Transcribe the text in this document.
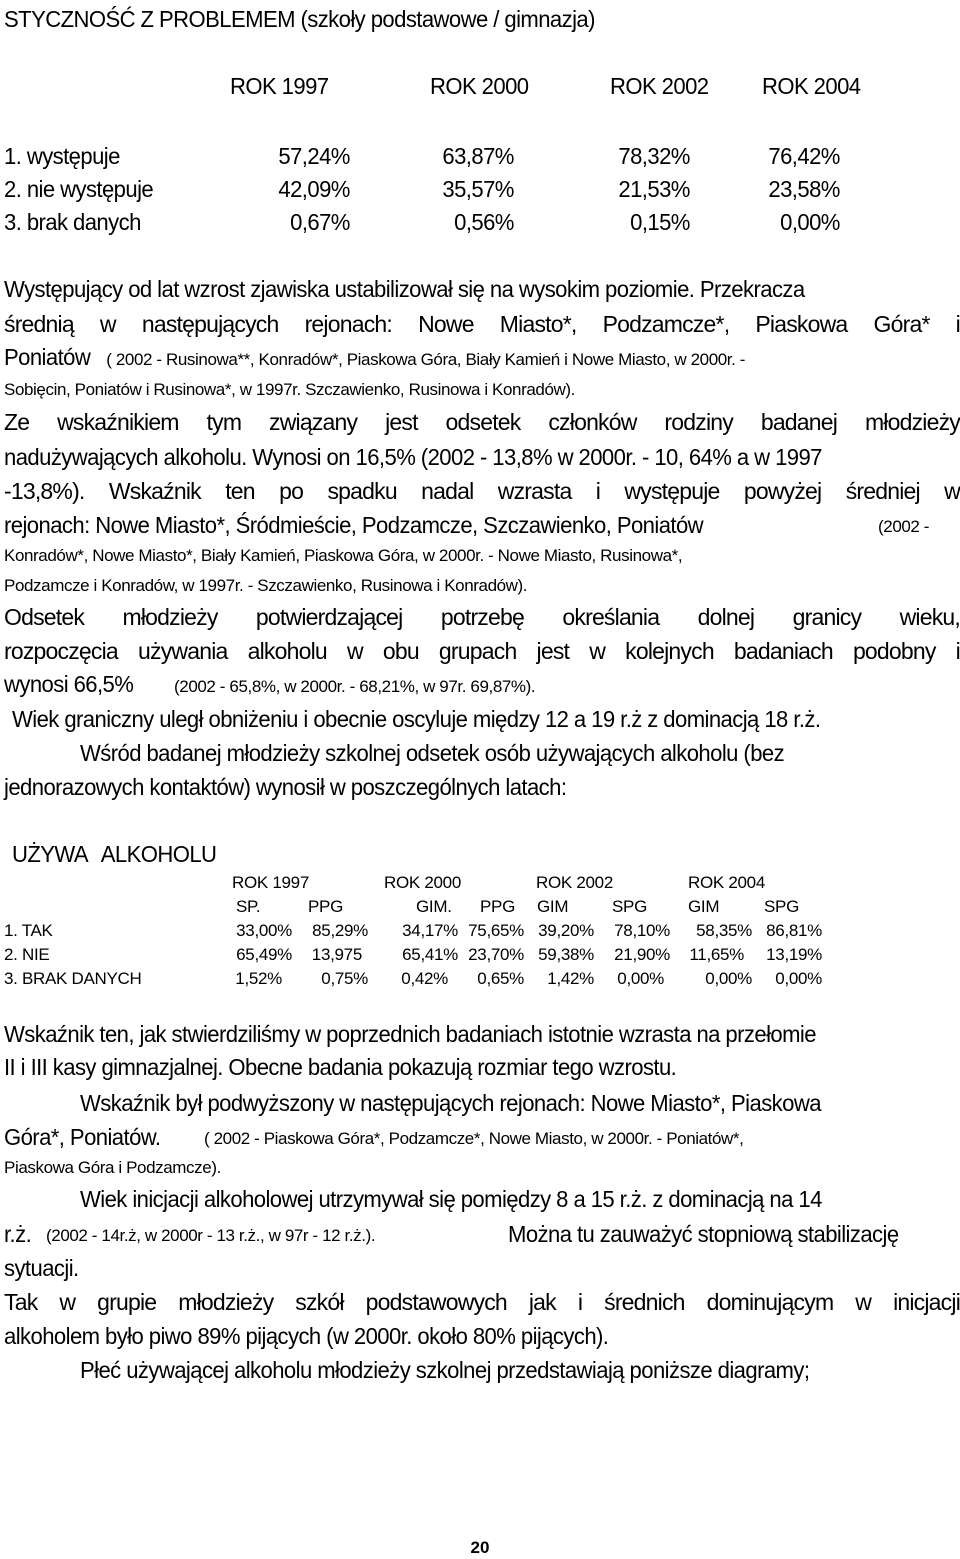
STYCZNOŚĆ Z PROBLEMEM (szkoły podstawowe / gimnazja)
ROK 1997	ROK 2000	ROK 2002 ROK 2004
1. występuje	57,24%	63,87%	78,32%	76,42%
2. nie występuje	42,09%	35,57%	21,53%	23,58%
3. brak danych	0,67%	0,56%	0,15%	0,00%
Występujący od lat wzrost zjawiska ustabilizował się na wysokim poziomie. Przekracza
średnią w następujących rejonach: Nowe Miasto*, Podzamcze*, Piaskowa Góra* i
Poniatów ( 2002 - Rusinowa**, Konradów*, Piaskowa Góra, Biały Kamień i Nowe Miasto, w 2000r. -
Sobięcin, Poniatów i Rusinowa*, w 1997r. Szczawienko, Rusinowa i Konradów).
Ze wskaźnikiem tym związany jest odsetek członków rodziny badanej młodzieży
nadużywających alkoholu. Wynosi on 16,5% (2002 - 13,8% w 2000r. - 10, 64% a w 1997
-13,8%). Wskaźnik ten po spadku nadal wzrasta i występuje powyżej średniej w
rejonach: Nowe Miasto*, Śródmieście, Podzamcze, Szczawienko, Poniatów	(2002 -
Konradów*, Nowe Miasto*, Biały Kamień, Piaskowa Góra, w 2000r. - Nowe Miasto, Rusinowa*,
Podzamcze i Konradów, w 1997r. - Szczawienko, Rusinowa i Konradów).
Odsetek młodzieży potwierdzającej potrzebę określania dolnej granicy wieku,
rozpoczęcia używania alkoholu w obu grupach jest w kolejnych badaniach podobny i
wynosi 66,5%	(2002 - 65,8%, w 2000r. - 68,21%, w 97r. 69,87%).
Wiek graniczny uległ obniżeniu i obecnie oscyluje między 12 a 19 r.ż z dominacją 18 r.ż.
Wśród badanej młodzieży szkolnej odsetek osób używających alkoholu (bez
jednorazowych kontaktów) wynosił w poszczególnych latach:
UŻYWA ALKOHOLU
ROK 1997	ROK 2000	ROK 2002	ROK 2004
SP.	PPG	GIM. PPG GIM	SPG GIM	SPG
1. TAK	33,00%	85,29%	34,17% 75,65% 39,20%	78,10%	58,35% 86,81%
2. NIE	65,49%	13,975	65,41% 23,70% 59,38%	21,90%	11,65%	13,19%
3. BRAK DANYCH	1,52%	0,75%	0,42%	0,65%	1,42%	0,00%	0,00%	0,00%
Wskaźnik ten, jak stwierdziliśmy w poprzednich badaniach istotnie wzrasta na przełomie
II i III kasy gimnazjalnej. Obecne badania pokazują rozmiar tego wzrostu.
Wskaźnik był podwyższony w następujących rejonach: Nowe Miasto*, Piaskowa
Góra*, Poniatów.	( 2002 - Piaskowa Góra*, Podzamcze*, Nowe Miasto, w 2000r. - Poniatów*,
Piaskowa Góra i Podzamcze).
Wiek inicjacji alkoholowej utrzymywał się pomiędzy 8 a 15 r.ż. z dominacją na 14
r.ż. (2002 - 14r.ż, w 2000r - 13 r.ż., w 97r - 12 r.ż.).	Można tu zauważyć stopniową stabilizację
sytuacji.
Tak w grupie młodzieży szkół podstawowych jak i średnich dominującym w inicjacji
alkoholem było piwo 89% pijących (w 2000r. około 80% pijących).
Płeć używającej alkoholu młodzieży szkolnej przedstawiają poniższe diagramy;
20
